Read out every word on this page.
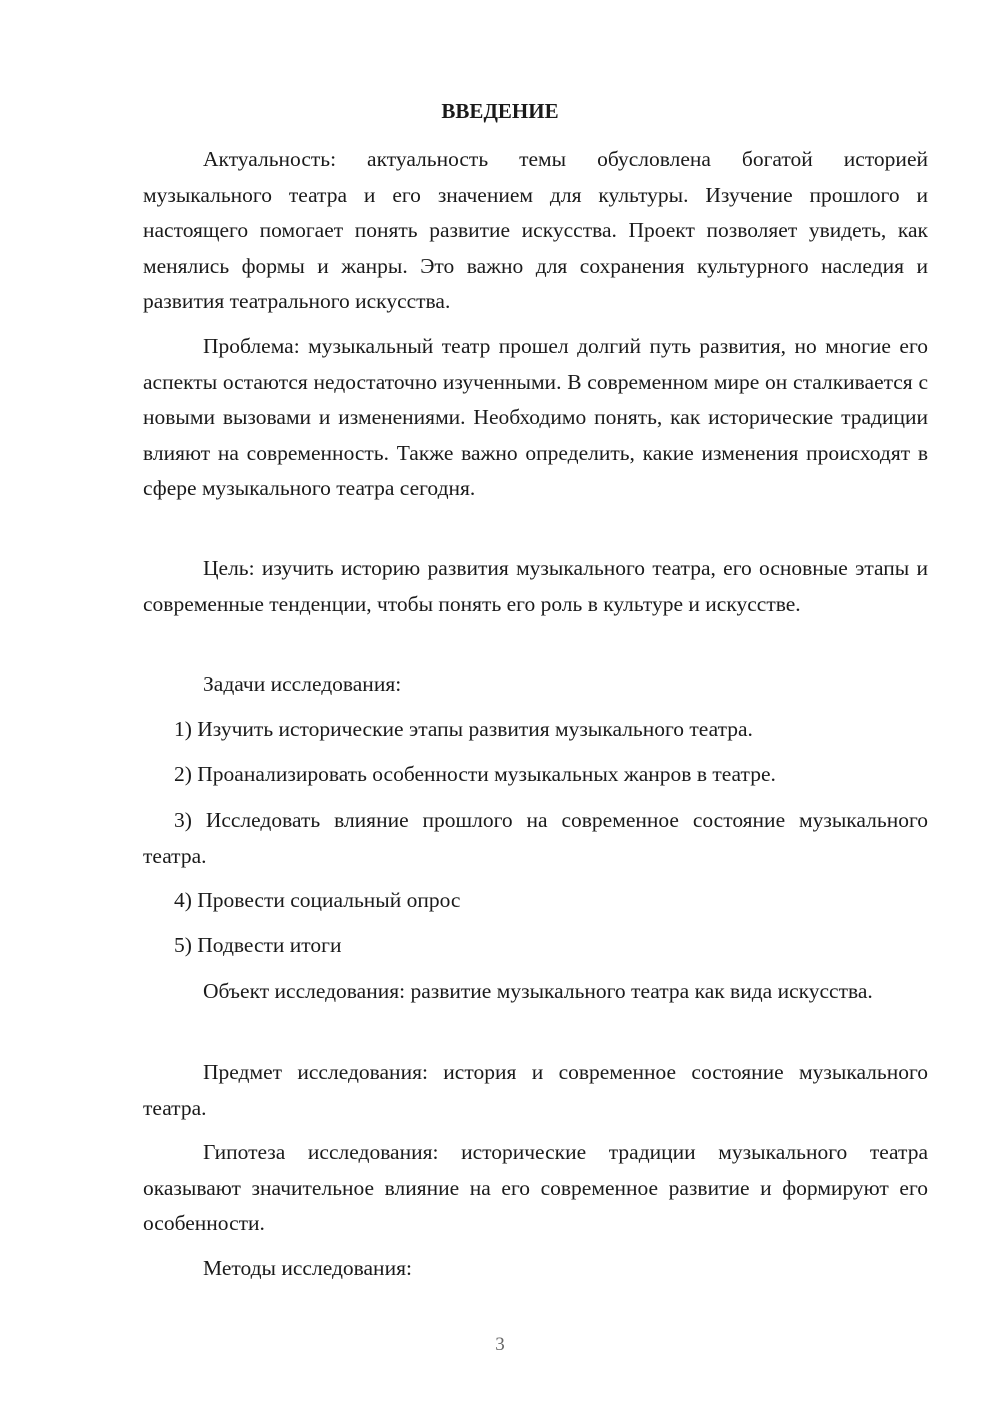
ВВЕДЕНИЕ

Актуальность: актуальность темы обусловлена богатой историей музыкального театра и его значением для культуры. Изучение прошлого и настоящего помогает понять развитие искусства. Проект позволяет увидеть, как менялись формы и жанры. Это важно для сохранения культурного наследия и развития театрального искусства.

Проблема: музыкальный театр прошел долгий путь развития, но многие его аспекты остаются недостаточно изученными. В современном мире он сталкивается с новыми вызовами и изменениями. Необходимо понять, как исторические традиции влияют на современность. Также важно определить, какие изменения происходят в сфере музыкального театра сегодня.

Цель: изучить историю развития музыкального театра, его основные этапы и современные тенденции, чтобы понять его роль в культуре и искусстве.

Задачи исследования:

1) Изучить исторические этапы развития музыкального театра.

2) Проанализировать особенности музыкальных жанров в театре.

3) Исследовать влияние прошлого на современное состояние музыкального театра.

4) Провести социальный опрос

5) Подвести итоги

Объект исследования: развитие музыкального театра как вида искусства.

Предмет исследования: история и современное состояние музыкального театра.

Гипотеза исследования: исторические традиции музыкального театра оказывают значительное влияние на его современное развитие и формируют его особенности.

Методы исследования:

3
